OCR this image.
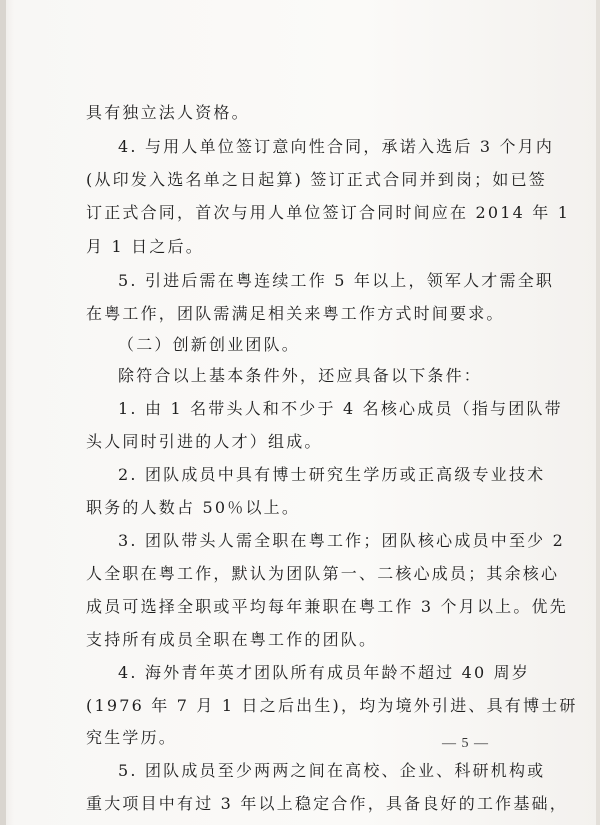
具有独立法人资格。
4. 与用人单位签订意向性合同，承诺入选后 3 个月内
(从印发入选名单之日起算) 签订正式合同并到岗；如已签
订正式合同，首次与用人单位签订合同时间应在 2014 年 1
月 1 日之后。
5. 引进后需在粤连续工作 5 年以上，领军人才需全职
在粤工作，团队需满足相关来粤工作方式时间要求。
（二）创新创业团队。
除符合以上基本条件外，还应具备以下条件：
1. 由 1 名带头人和不少于 4 名核心成员（指与团队带
头人同时引进的人才）组成。
2. 团队成员中具有博士研究生学历或正高级专业技术
职务的人数占 50％以上。
3. 团队带头人需全职在粤工作；团队核心成员中至少 2
人全职在粤工作，默认为团队第一、二核心成员；其余核心
成员可选择全职或平均每年兼职在粤工作 3 个月以上。优先
支持所有成员全职在粤工作的团队。
4. 海外青年英才团队所有成员年龄不超过 40 周岁
(1976 年 7 月 1 日之后出生)，均为境外引进、具有博士研
究生学历。
5. 团队成员至少两两之间在高校、企业、科研机构或
重大项目中有过 3 年以上稳定合作，具备良好的工作基础，
— 5 —
